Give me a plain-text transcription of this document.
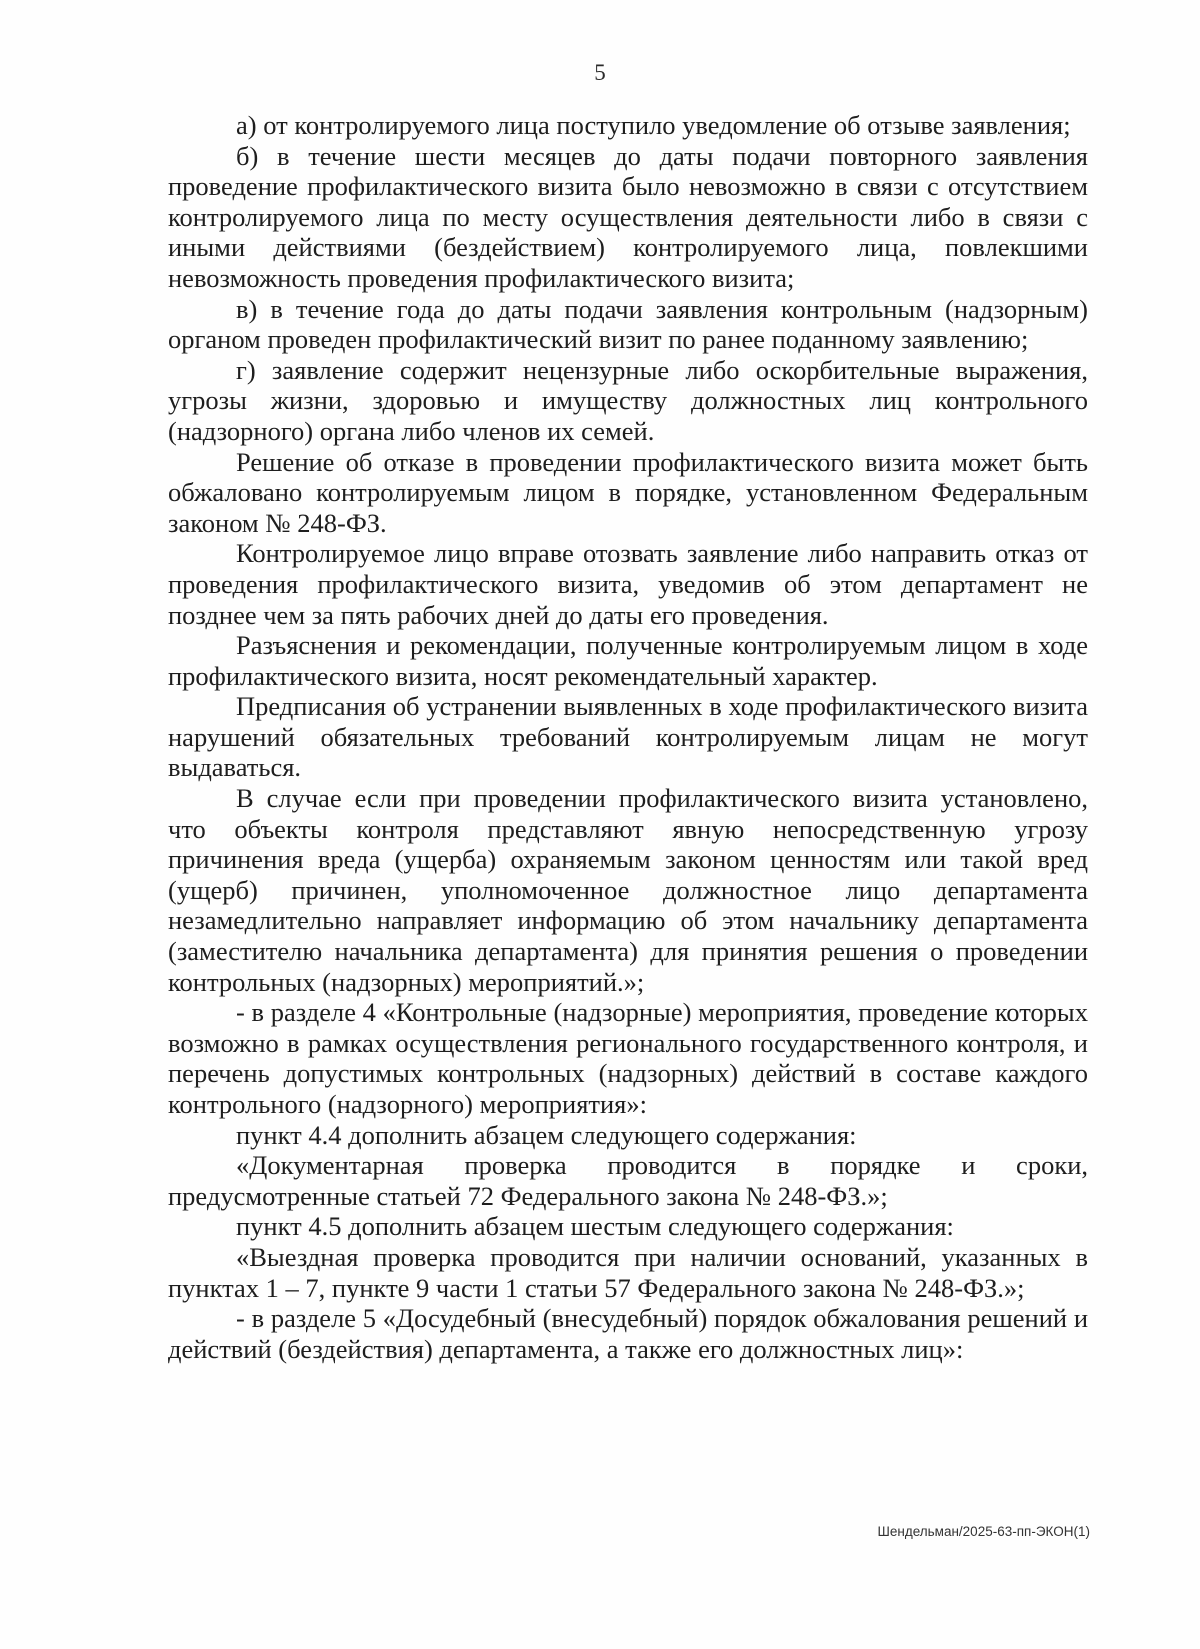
5

а) от контролируемого лица поступило уведомление об отзыве заявления;

б) в течение шести месяцев до даты подачи повторного заявления проведение профилактического визита было невозможно в связи с отсутствием контролируемого лица по месту осуществления деятельности либо в связи с иными действиями (бездействием) контролируемого лица, повлекшими невозможность проведения профилактического визита;

в) в течение года до даты подачи заявления контрольным (надзорным) органом проведен профилактический визит по ранее поданному заявлению;

г) заявление содержит нецензурные либо оскорбительные выражения, угрозы жизни, здоровью и имуществу должностных лиц контрольного (надзорного) органа либо членов их семей.

Решение об отказе в проведении профилактического визита может быть обжаловано контролируемым лицом в порядке, установленном Федеральным законом № 248-ФЗ.

Контролируемое лицо вправе отозвать заявление либо направить отказ от проведения профилактического визита, уведомив об этом департамент не позднее чем за пять рабочих дней до даты его проведения.

Разъяснения и рекомендации, полученные контролируемым лицом в ходе профилактического визита, носят рекомендательный характер.

Предписания об устранении выявленных в ходе профилактического визита нарушений обязательных требований контролируемым лицам не могут выдаваться.

В случае если при проведении профилактического визита установлено, что объекты контроля представляют явную непосредственную угрозу причинения вреда (ущерба) охраняемым законом ценностям или такой вред (ущерб) причинен, уполномоченное должностное лицо департамента незамедлительно направляет информацию об этом начальнику департамента (заместителю начальника департамента) для принятия решения о проведении контрольных (надзорных) мероприятий.»;

- в разделе 4 «Контрольные (надзорные) мероприятия, проведение которых возможно в рамках осуществления регионального государственного контроля, и перечень допустимых контрольных (надзорных) действий в составе каждого контрольного (надзорного) мероприятия»:

пункт 4.4 дополнить абзацем следующего содержания:

«Документарная проверка проводится в порядке и сроки, предусмотренные статьей 72 Федерального закона № 248-ФЗ.»;

пункт 4.5 дополнить абзацем шестым следующего содержания:

«Выездная проверка проводится при наличии оснований, указанных в пунктах 1 – 7, пункте 9 части 1 статьи 57 Федерального закона № 248-ФЗ.»;

- в разделе 5 «Досудебный (внесудебный) порядок обжалования решений и действий (бездействия) департамента, а также его должностных лиц»:

Шендельман/2025-63-пп-ЭКОН(1)
